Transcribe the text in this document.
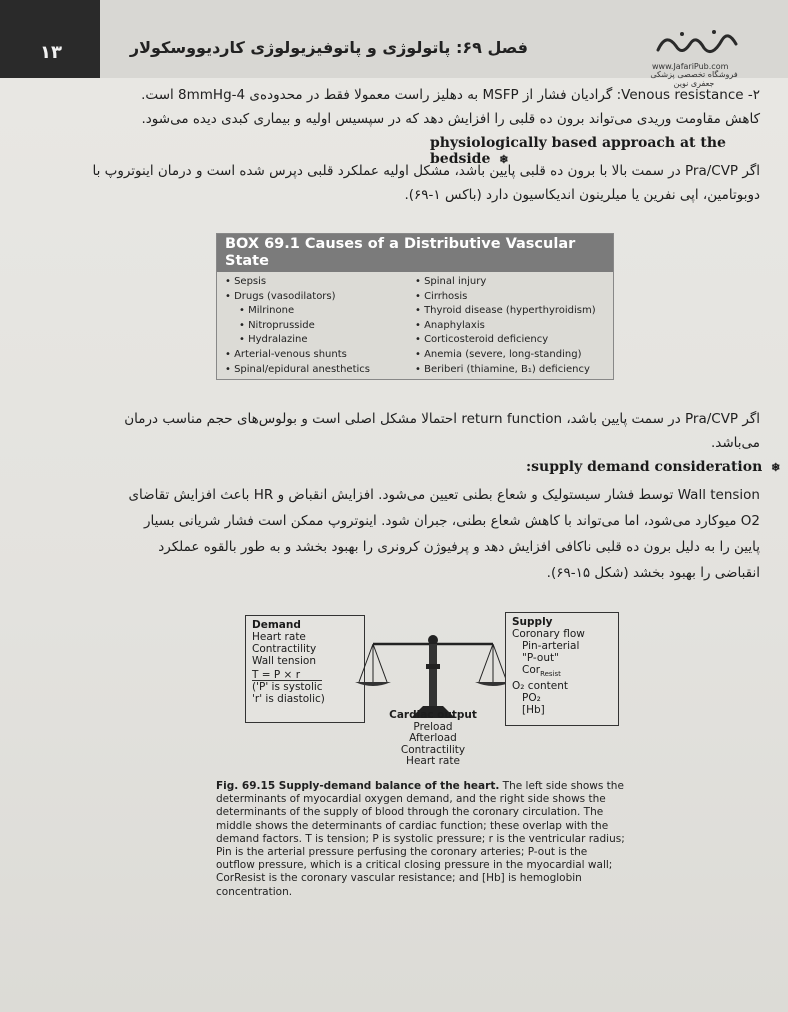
۱۳	فصل ۶۹: پاتولوژی و پاتوفیزیولوژی کاردیووسکولار
www.JafariPub.com
فروشگاه تخصصی پزشکی جعفری نوین
Venous resistance -۲: گرادیان فشار از MSFP به دهلیز راست معمولا فقط در محدوده‌ی 4-8mmHg است.
کاهش مقاومت وریدی می‌تواند برون ده قلبی را افزایش دهد که در سپسیس اولیه و بیماری کبدی دیده می‌شود.
physiologically based approach at the bedside ❄
اگر Pra/CVP در سمت بالا با برون ده قلبی پایین باشد، مشکل اولیه عملکرد قلبی دپرس شده است و درمان اینوتروپ با
دوبوتامین، اپی نفرین یا میلرینون اندیکاسیون دارد (باکس ۱-۶۹).
BOX 69.1 Causes of a Distributive Vascular
State
• Sepsis
• Drugs (vasodilators)
• Milrinone
• Nitroprusside
• Hydralazine
• Arterial-venous shunts
• Spinal/epidural anesthetics
• Spinal injury
• Cirrhosis
• Thyroid disease (hyperthyroidism)
• Anaphylaxis
• Corticosteroid deficiency
• Anemia (severe, long-standing)
• Beriberi (thiamine, B₁) deficiency
اگر Pra/CVP در سمت پایین باشد، return function احتمالا مشکل اصلی است و بولوس‌های حجم مناسب درمان
می‌باشد.
:supply demand consideration ❄
Wall tension توسط فشار سیستولیک و شعاع بطنی تعیین می‌شود. افزایش انقباض و HR باعث افزایش تقاضای
O2 میوکارد می‌شود، اما می‌تواند با کاهش شعاع بطنی، جبران شود. اینوتروپ ممکن است فشار شریانی بسیار
پایین را به دلیل برون ده قلبی ناکافی افزایش دهد و پرفیوژن کرونری را بهبود بخشد و به طور بالقوه عملکرد
انقباضی را بهبود بخشد (شکل ۱۵-۶۹).
Demand
Heart rate
Contractility
Wall tension
T = P × r
('P' is systolic
'r' is diastolic)
Supply
Coronary flow
Pin-arterial
"P-out"
Cor$_{Resist}$
O₂ content
PO₂
[Hb]
Cardiac output
Preload
Afterload
Contractility
Heart rate
Fig. 69.15 Supply-demand balance of the heart. The left side shows the determinants of myocardial oxygen demand, and the right side shows the determinants of the supply of blood through the coronary circulation. The middle shows the determinants of cardiac function; these overlap with the demand factors. T is tension; P is systolic pressure; r is the ventricular radius; Pin is the arterial pressure perfusing the coronary arteries; P-out is the outflow pressure, which is a critical closing pressure in the myocardial wall; CorResist is the coronary vascular resistance; and [Hb] is hemoglobin concentration.
